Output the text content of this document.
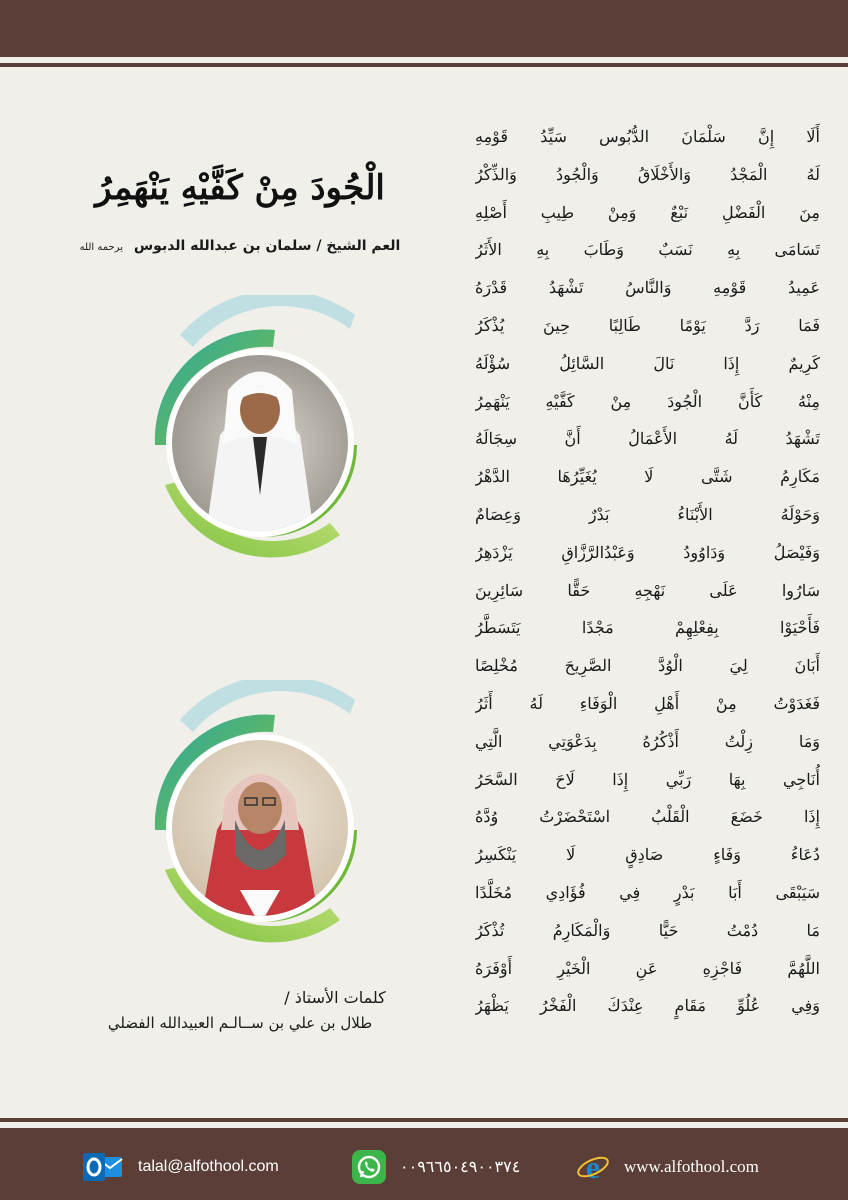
أَلَا إِنَّ سَلْمَانَ الدُّبُوس سَيِّدُ قَوْمِهِ
لَهُ الْمَجْدُ وَالأَخْلَاقُ وَالْجُودُ وَالذِّكْرُ
مِنَ الْفَضْلِ نَبْعٌ وَمِنْ طِيبِ أَصْلِهِ
تَسَامَى بِهِ نَسَبٌ وَطَابَ بِهِ الأَثَرُ
عَمِيدُ قَوْمِهِ وَالنَّاسُ تَشْهَدُ قَدْرَهُ
فَمَا رَدَّ يَوْمًا طَالِبًا حِينَ يُذْكَرُ
كَرِيمٌ إِذَا نَالَ السَّائِلُ سُؤْلَهُ
مِنْهُ كَأَنَّ الْجُودَ مِنْ كَفَّيْهِ يَنْهَمِرُ
تَشْهَدُ لَهُ الأَعْمَالُ أَنَّ سِجَالَهُ
مَكَارِمُ شَتَّى لَا يُغَيِّرُهَا الدَّهْرُ
وَحَوْلَهُ الأَبْنَاءُ بَدْرٌ وَعِصَامٌ
وَفَيْصَلُ وَدَاوُودُ وَعَبْدُالرَّزَّاقِ يَزْدَهِرُ
سَارُوا عَلَى نَهْجِهِ حَقًّا سَائِرِينَ
فَأَحْيَوْا بِفِعْلِهِمْ مَجْدًا يَتَسَطَّرُ
أَبَانَ لِيَ الْوُدَّ الصَّرِيحَ مُخْلِصًا
فَغَدَوْتُ مِنْ أَهْلِ الْوَفَاءِ لَهُ أَثَرُ
وَمَا زِلْتُ أَذْكُرُهُ بِدَعْوَتِي الَّتِي
أُنَاجِي بِهَا رَبِّي إِذَا لَاحَ السَّحَرُ
إِذَا خَضَعَ الْقَلْبُ اسْتَحْضَرْتُ وُدَّهُ
دُعَاءُ وَفَاءٍ صَادِقٍ لَا يَنْكَسِرُ
سَيَبْقَى أَبَا بَدْرٍ فِي فُؤَادِي مُخَلَّدًا
مَا دُمْتُ حَيًّا وَالْمَكَارِمُ تُذْكَرُ
اللَّهُمَّ فَاجْزِهِ عَنِ الْخَيْرِ أَوْفَرَهُ
وَفِي عُلُوِّ مَقَامٍ عِنْدَكَ الْفَخْرُ يَظْهَرُ
الْجُودَ مِنْ كَفَّيْهِ يَنْهَمِرُ
العم الشيخ / سلمان بن عبدالله الدبوس يرحمه الله
كلمات الأستاذ /
طلال بن علي بن ســالـم العبيدالله الفضلي
talal@alfothool.com	٠٠٩٦٦٥٠٤٩٠٠٣٧٤ e www.alfothool.com
